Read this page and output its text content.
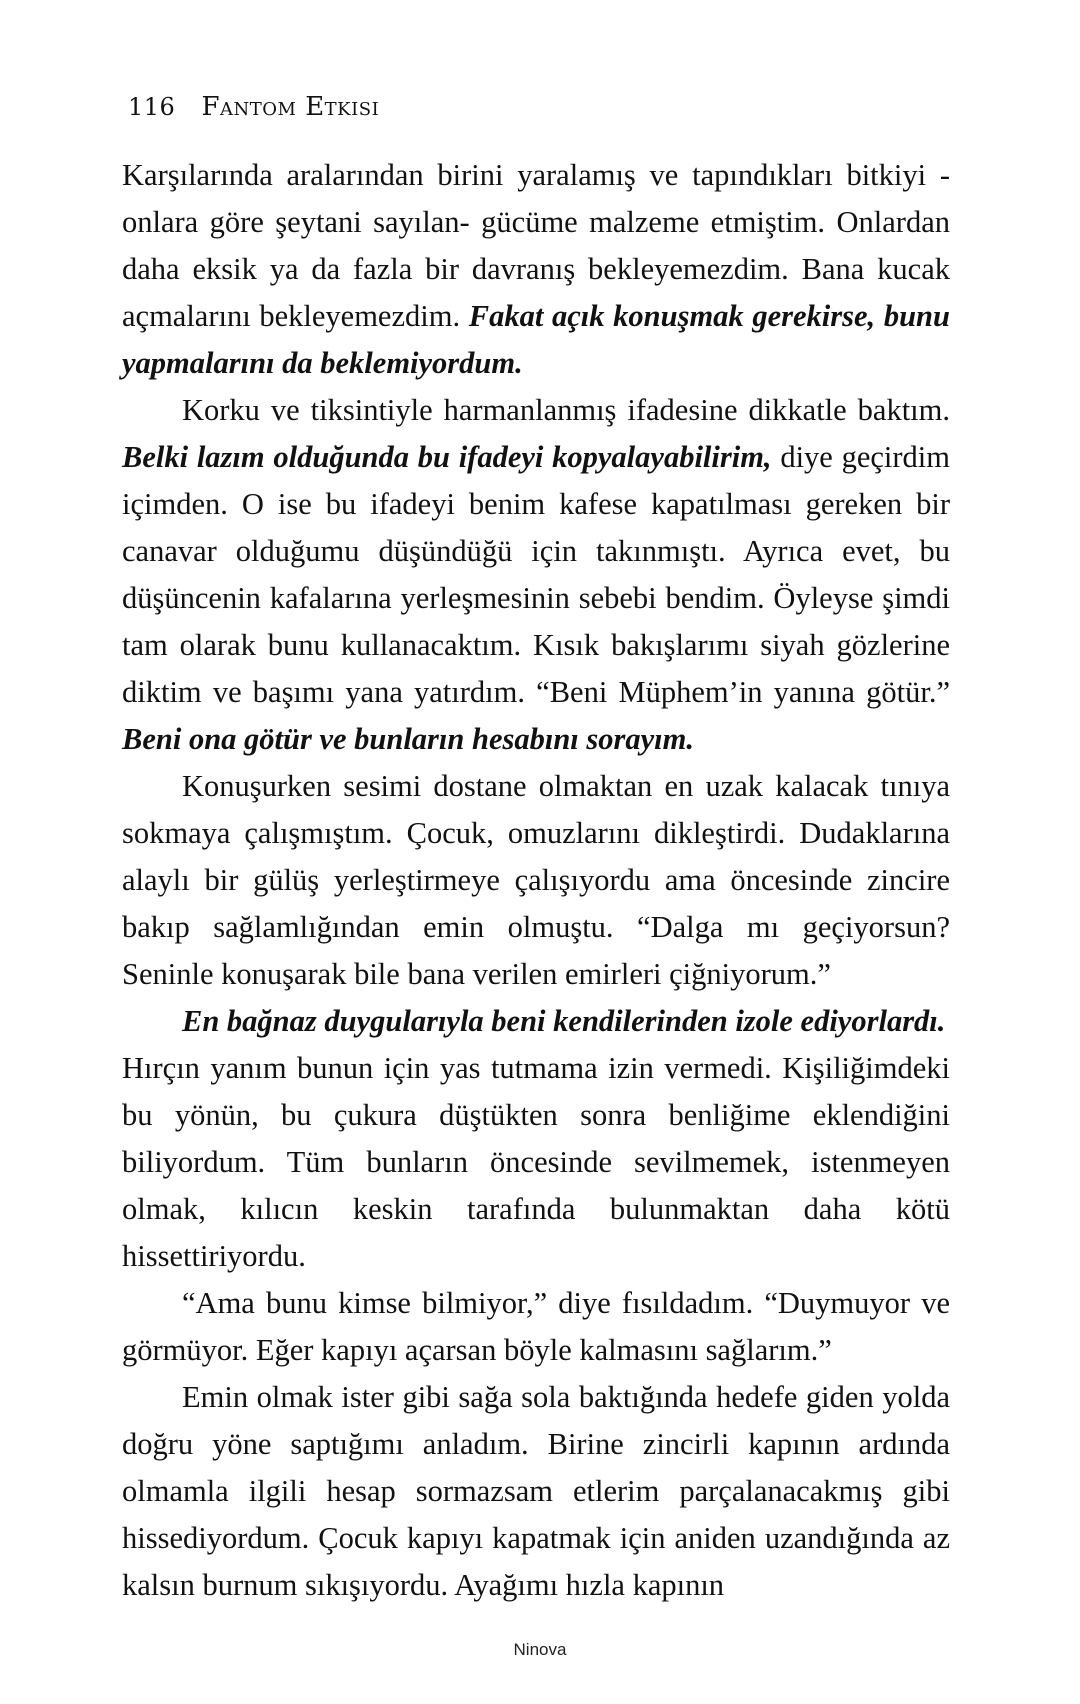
116 Fantom Etkisi

Karşılarında aralarından birini yaralamış ve tapındıkları bitkiyi -onlara göre şeytani sayılan- gücüme malzeme etmiştim. Onlardan daha eksik ya da fazla bir davranış bekleyemezdim. Bana kucak açmalarını bekleyemezdim. Fakat açık konuşmak gerekirse, bunu yapmalarını da beklemiyordum.

Korku ve tiksintiyle harmanlanmış ifadesine dikkatle baktım. Belki lazım olduğunda bu ifadeyi kopyalayabilirim, diye geçirdim içimden. O ise bu ifadeyi benim kafese kapatılması gereken bir canavar olduğumu düşündüğü için takınmıştı. Ayrıca evet, bu düşüncenin kafalarına yerleşmesinin sebebi bendim. Öyleyse şimdi tam olarak bunu kullanacaktım. Kısık bakışlarımı siyah gözlerine diktim ve başımı yana yatırdım. “Beni Müphem’in yanına götür.” Beni ona götür ve bunların hesabını sorayım.

Konuşurken sesimi dostane olmaktan en uzak kalacak tınıya sokmaya çalışmıştım. Çocuk, omuzlarını dikleştirdi. Dudaklarına alaylı bir gülüş yerleştirmeye çalışıyordu ama öncesinde zincire bakıp sağlamlığından emin olmuştu. “Dalga mı geçiyorsun? Seninle konuşarak bile bana verilen emirleri çiğniyorum.”

En bağnaz duygularıyla beni kendilerinden izole ediyorlardı.

Hırçın yanım bunun için yas tutmama izin vermedi. Kişiliğimdeki bu yönün, bu çukura düştükten sonra benliğime eklendiğini biliyordum. Tüm bunların öncesinde sevilmemek, istenmeyen olmak, kılıcın keskin tarafında bulunmaktan daha kötü hissettiriyordu.

“Ama bunu kimse bilmiyor,” diye fısıldadım. “Duymuyor ve görmüyor. Eğer kapıyı açarsan böyle kalmasını sağlarım.”

Emin olmak ister gibi sağa sola baktığında hedefe giden yolda doğru yöne saptığımı anladım. Birine zincirli kapının ardında olmamla ilgili hesap sormazsam etlerim parçalanacakmış gibi hissediyordum. Çocuk kapıyı kapatmak için aniden uzandığında az kalsın burnum sıkışıyordu. Ayağımı hızla kapının

Ninova
